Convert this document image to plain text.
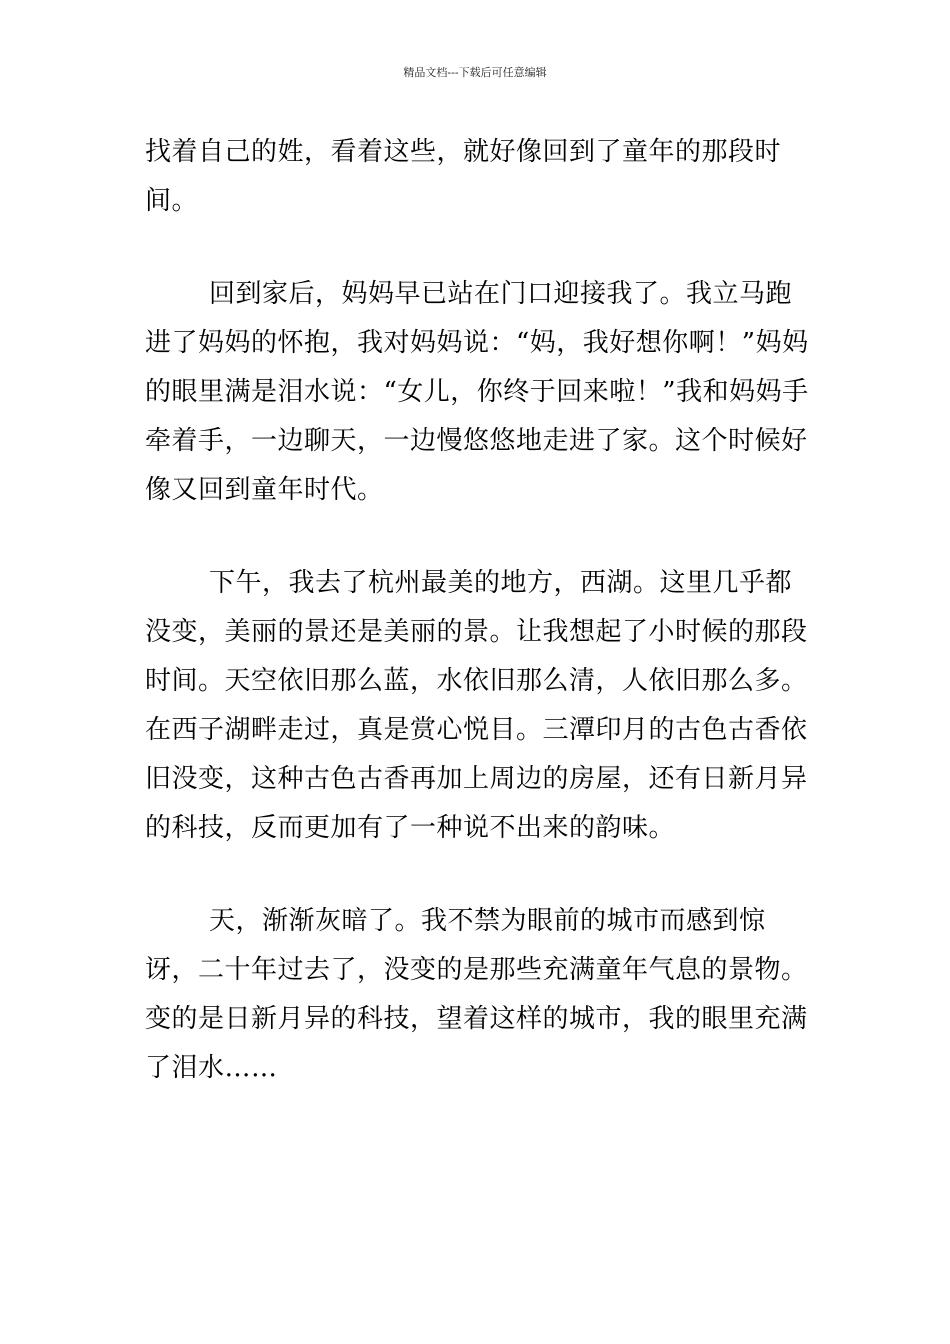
精品文档---下载后可任意编辑

找着自己的姓，看着这些，就好像回到了童年的那段时间。

回到家后，妈妈早已站在门口迎接我了。我立马跑进了妈妈的怀抱，我对妈妈说：“妈，我好想你啊！”妈妈的眼里满是泪水说：“女儿，你终于回来啦！”我和妈妈手牵着手，一边聊天，一边慢悠悠地走进了家。这个时候好像又回到童年时代。

下午，我去了杭州最美的地方，西湖。这里几乎都没变，美丽的景还是美丽的景。让我想起了小时候的那段时间。天空依旧那么蓝，水依旧那么清，人依旧那么多。在西子湖畔走过，真是赏心悦目。三潭印月的古色古香依旧没变，这种古色古香再加上周边的房屋，还有日新月异的科技，反而更加有了一种说不出来的韵味。

天，渐渐灰暗了。我不禁为眼前的城市而感到惊讶，二十年过去了，没变的是那些充满童年气息的景物。变的是日新月异的科技，望着这样的城市，我的眼里充满了泪水……
